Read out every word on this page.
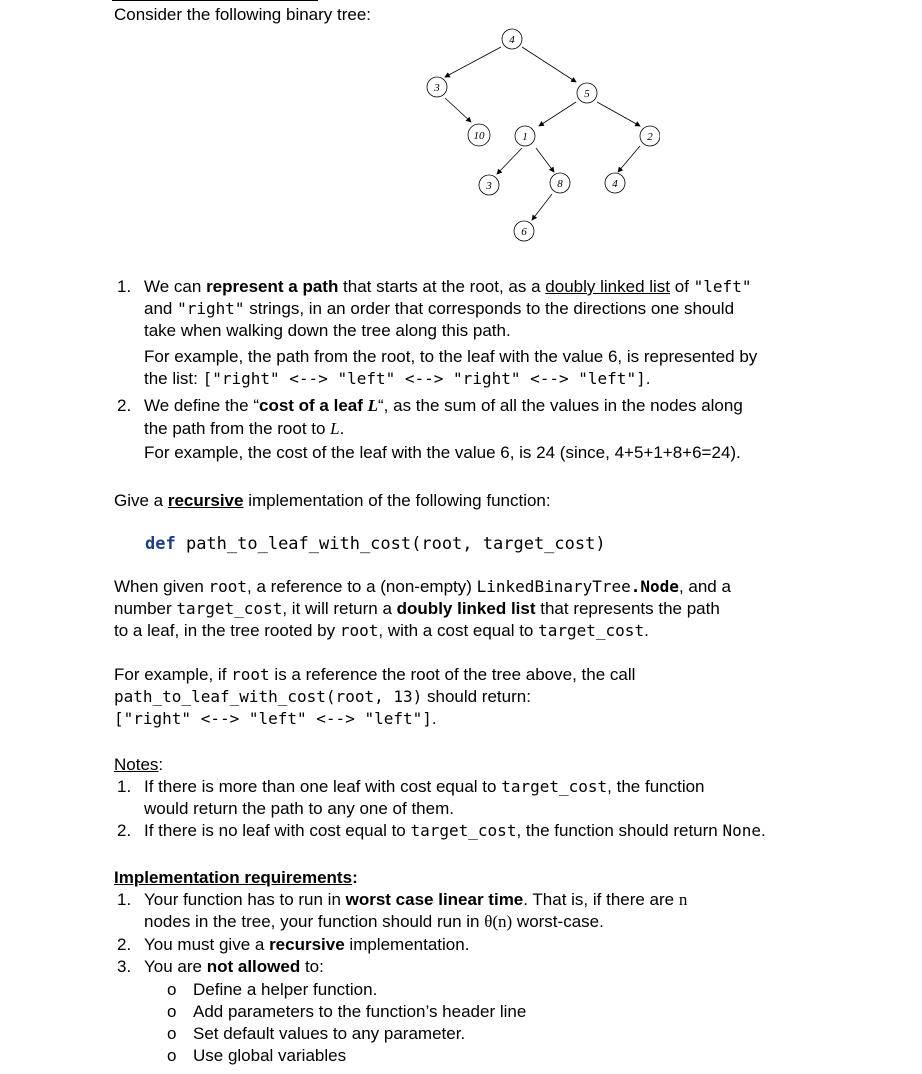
Consider the following binary tree:
4
3	5
10	1	2
3	8	4
6
1. We can represent a path that starts at the root, as a doubly linked list of "left"
and "right" strings, in an order that corresponds to the directions one should
take when walking down the tree along this path.
For example, the path from the root, to the leaf with the value 6, is represented by
the list: ["right" <--> "left" <--> "right" <--> "left"].
2. We define the “cost of a leaf L“, as the sum of all the values in the nodes along
the path from the root to L.
For example, the cost of the leaf with the value 6, is 24 (since, 4+5+1+8+6=24).
Give a recursive implementation of the following function:
def path_to_leaf_with_cost(root, target_cost)
When given root, a reference to a (non-empty) LinkedBinaryTree.Node, and a
number target_cost, it will return a doubly linked list that represents the path
to a leaf, in the tree rooted by root, with a cost equal to target_cost.
For example, if root is a reference the root of the tree above, the call
path_to_leaf_with_cost(root, 13) should return:
["right" <--> "left" <--> "left"].
Notes:
1. If there is more than one leaf with cost equal to target_cost, the function
would return the path to any one of them.
2. If there is no leaf with cost equal to target_cost, the function should return None.
Implementation requirements:
1. Your function has to run in worst case linear time. That is, if there are n
nodes in the tree, your function should run in θ(n) worst-case.
2. You must give a recursive implementation.
3. You are not allowed to:
o Define a helper function.
o Add parameters to the function’s header line
o Set default values to any parameter.
o Use global variables
